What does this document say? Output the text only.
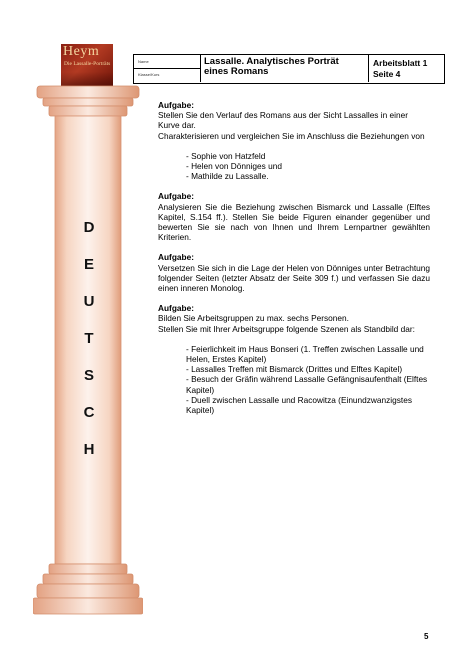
Heym
Die Lassalle-Porträts
D
E
U
T
S
C
H
Name
Klasse/Kurs
Lassalle. Analytisches Porträt eines Romans
Arbeitsblatt 1
Seite 4
Aufgabe:
Stellen Sie den Verlauf des Romans aus der Sicht Lassalles in einer Kurve dar.
Charakterisieren und vergleichen Sie im Anschluss die Beziehungen von
- Sophie von Hatzfeld
- Helen von Dönniges und
- Mathilde zu Lassalle.
Aufgabe:
Analysieren Sie die Beziehung zwischen Bismarck und Lassalle (Elftes Kapitel, S.154 ff.). Stellen Sie beide Figuren einander gegenüber und bewerten Sie sie nach von Ihnen und Ihrem Lernpartner gewählten Kriterien.
Aufgabe:
Versetzen Sie sich in die Lage der Helen von Dönniges unter Betrachtung folgender Seiten (letzter Absatz der Seite 309 f.) und verfassen Sie dazu einen inneren Monolog.
Aufgabe:
Bilden Sie Arbeitsgruppen zu max. sechs Personen.
Stellen Sie mit Ihrer Arbeitsgruppe folgende Szenen als Standbild dar:
- Feierlichkeit im Haus Bonseri (1. Treffen zwischen Lassalle und Helen, Erstes Kapitel)
- Lassalles Treffen mit Bismarck (Drittes und Elftes Kapitel)
- Besuch der Gräfin während Lassalle Gefängnisaufenthalt (Elftes Kapitel)
- Duell zwischen Lassalle und Racowitza (Einundzwanzigstes Kapitel)
5
